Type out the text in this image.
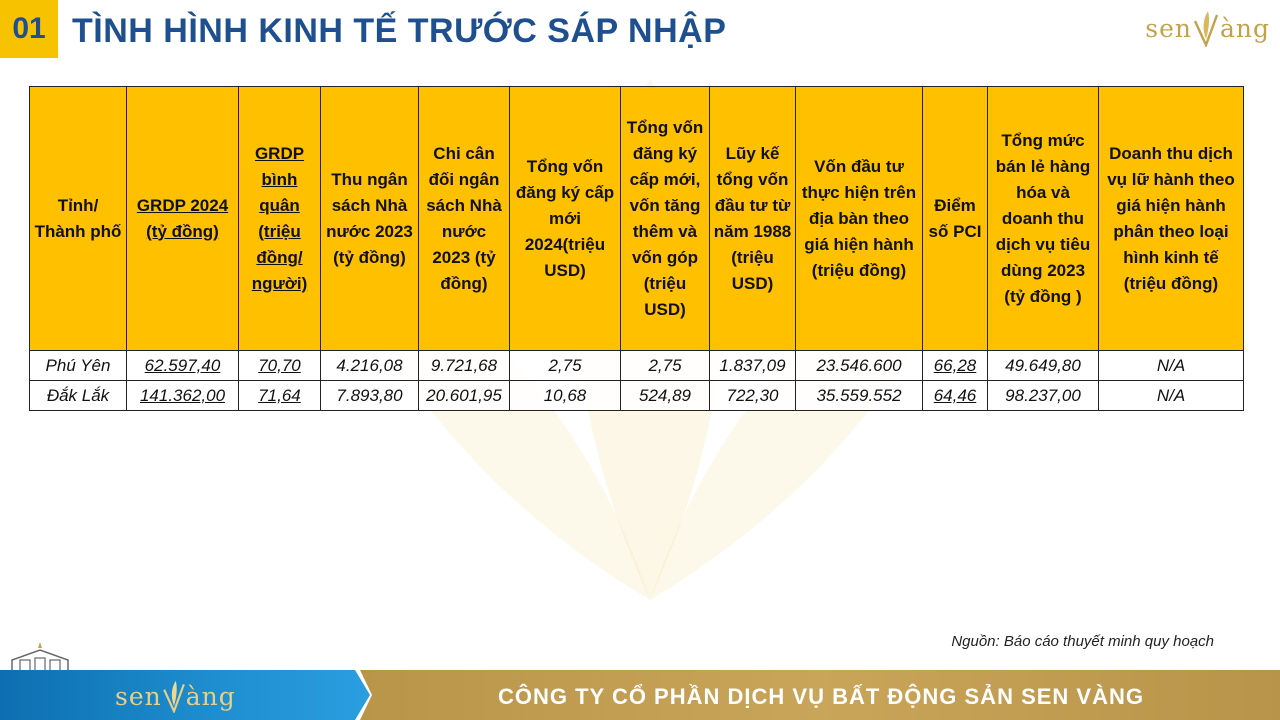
01 TÌNH HÌNH KINH TẾ TRƯỚC SÁP NHẬP	sen àng
Tỉnh/ Thành phố	GRDP 2024 (tỷ đồng)	GRDP bình quân (triệu đồng/ người)	Thu ngân sách Nhà nước 2023 (tỷ đồng)	Chi cân đối ngân sách Nhà nước 2023 (tỷ đồng)	Tổng vốn đăng ký cấp mới 2024(triệu USD)	Tổng vốn đăng ký cấp mới, vốn tăng thêm và vốn góp (triệu USD)	Lũy kế tổng vốn đầu tư từ năm 1988 (triệu USD)	Vốn đầu tư thực hiện trên địa bàn theo giá hiện hành (triệu đồng)	Điểm số PCI	Tổng mức bán lẻ hàng hóa và doanh thu dịch vụ tiêu dùng 2023 (tỷ đồng )	Doanh thu dịch vụ lữ hành theo giá hiện hành phân theo loại hình kinh tế (triệu đồng)
Phú Yên	62.597,40	70,70	4.216,08	9.721,68	2,75	2,75	1.837,09	23.546.600	66,28	49.649,80	N/A
Đắk Lắk	141.362,00	71,64	7.893,80	20.601,95	10,68	524,89	722,30	35.559.552	64,46	98.237,00	N/A
Nguồn: Báo cáo thuyết minh quy hoạch
sen àng	CÔNG TY CỔ PHẦN DỊCH VỤ BẤT ĐỘNG SẢN SEN VÀNG
